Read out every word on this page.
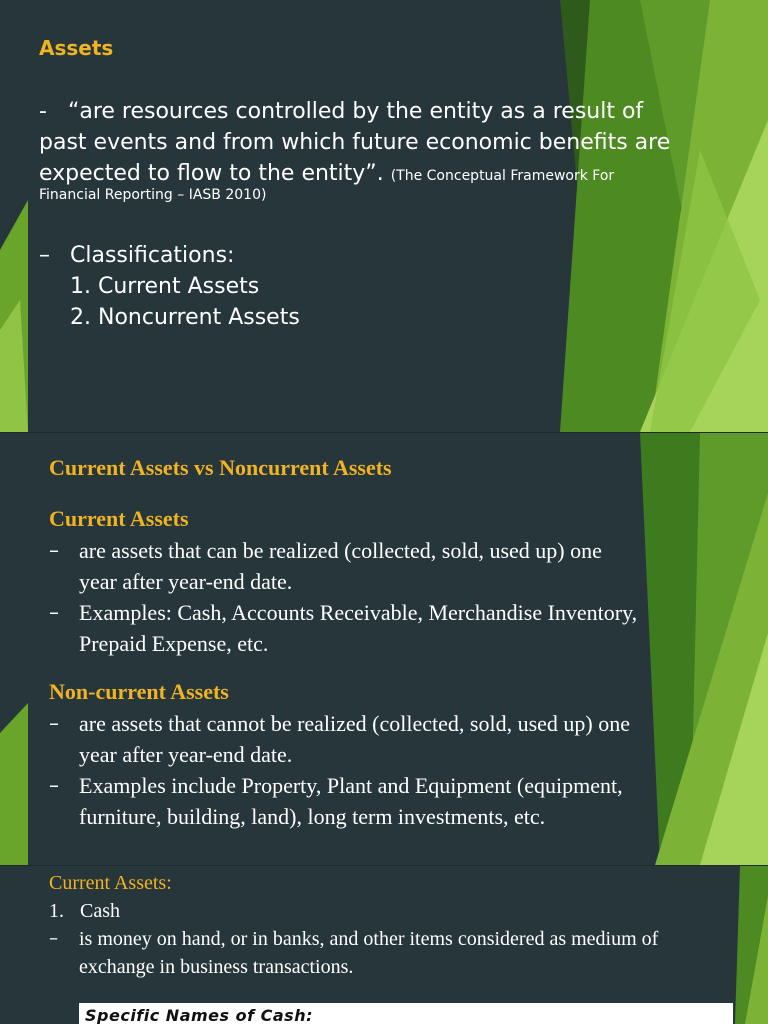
Assets

- “are resources controlled by the entity as a result of
past events and from which future economic benefits are
expected to flow to the entity”. (The Conceptual Framework For

Financial Reporting – IASB 2010)

– Classifications:
1. Current Assets
2. Noncurrent Assets

Current Assets vs Noncurrent Assets

Current Assets

– are assets that can be realized (collected, sold, used up) one
year after year-end date.
– Examples: Cash, Accounts Receivable, Merchandise Inventory,
Prepaid Expense, etc.

Non-current Assets

– are assets that cannot be realized (collected, sold, used up) one
year after year-end date.
– Examples include Property, Plant and Equipment (equipment,
furniture, building, land), long term investments, etc.

Current Assets:

1. Cash
– is money on hand, or in banks, and other items considered as medium of
exchange in business transactions.
Specific Names of Cash:
